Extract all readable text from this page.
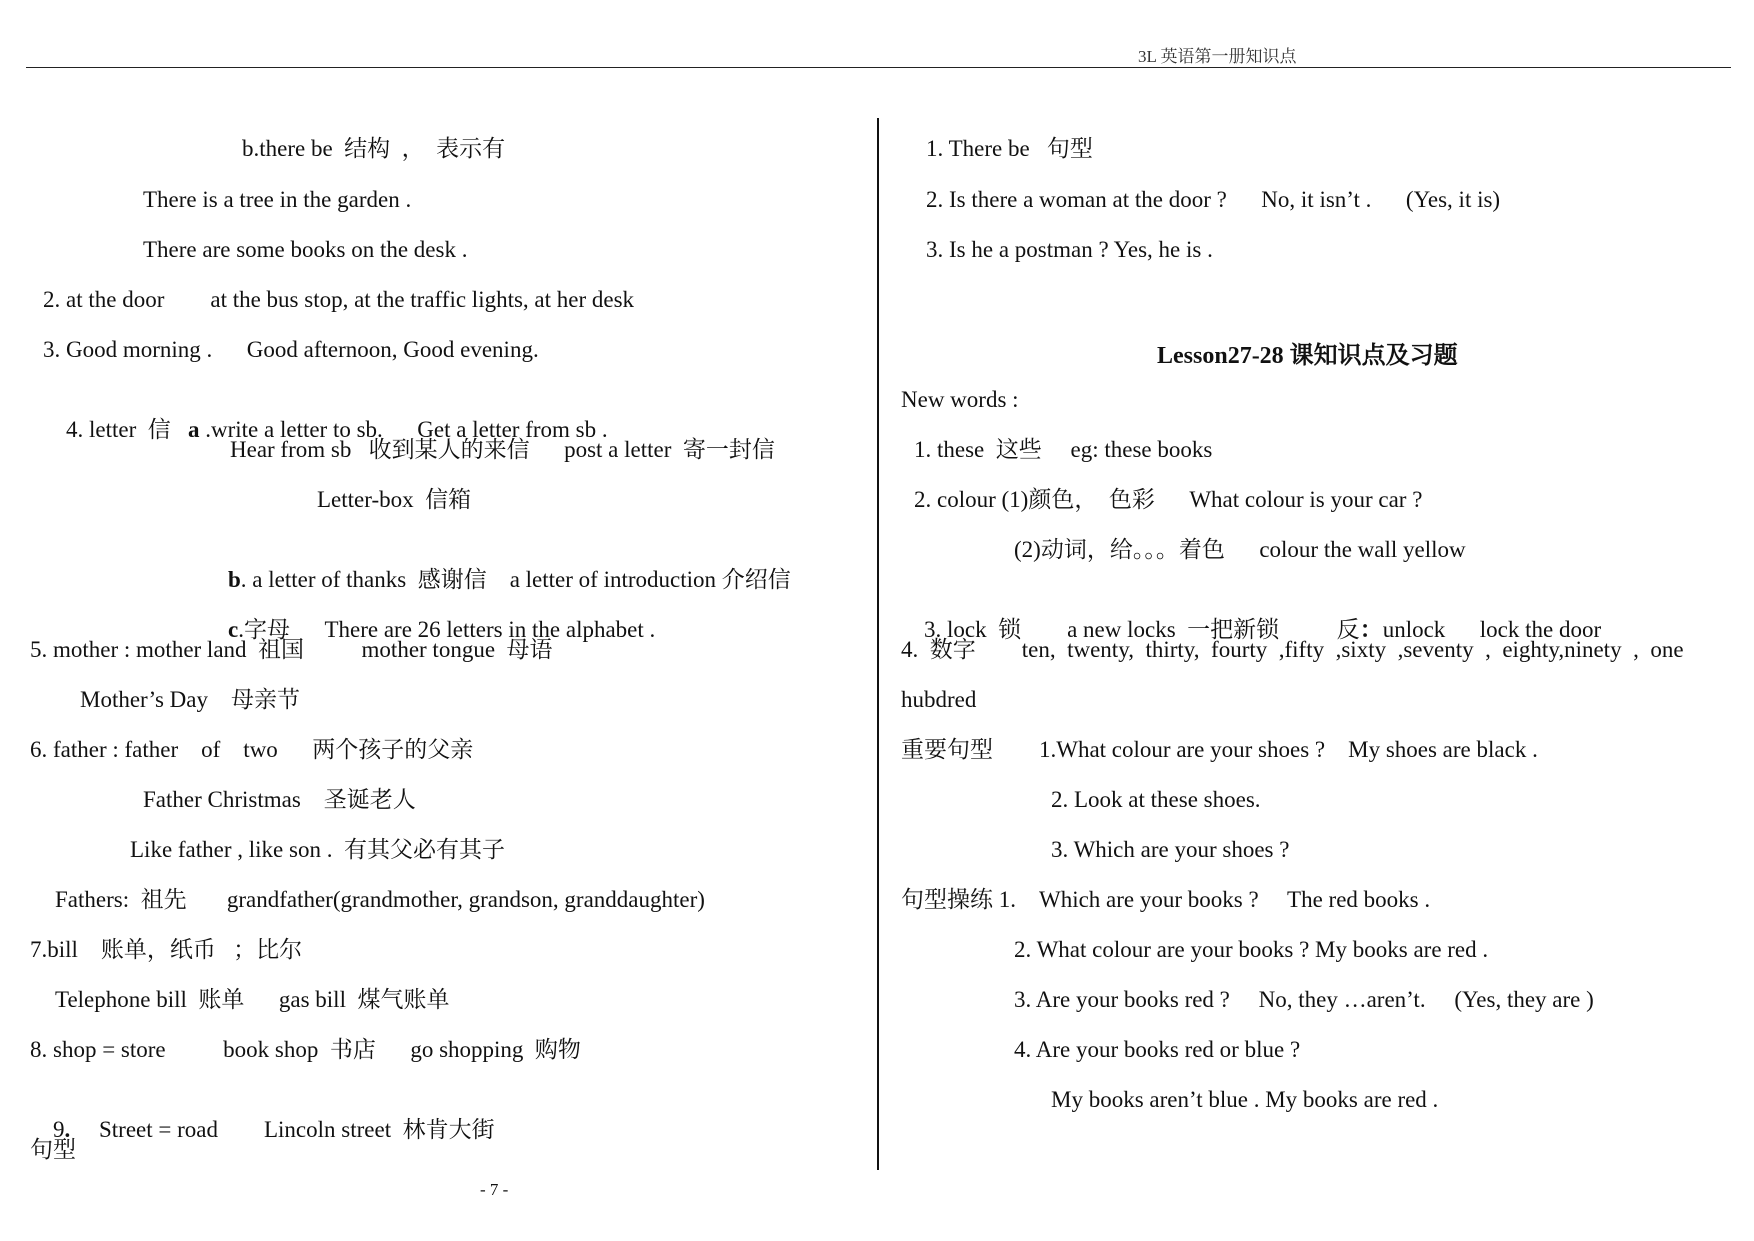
3L 英语第一册知识点
b.there be  结构  ，  表示有
There is a tree in the garden .
There are some books on the desk .
2. at the door        at the bus stop, at the traffic lights, at her desk
3. Good morning .      Good afternoon, Good evening.

4. letter  信   a .write a letter to sb.      Get a letter from sb .

Hear from sb   收到某人的来信      post a letter  寄一封信
Letter-box  信箱

b. a letter of thanks  感谢信    a letter of introduction 介绍信

c.字母      There are 26 letters in the alphabet .

5. mother : mother land  祖国          mother tongue  母语
Mother’s Day    母亲节
6. father : father    of    two      两个孩子的父亲
Father Christmas    圣诞老人
Like father , like son .  有其父必有其子
Fathers:  祖先       grandfather(grandmother, grandson, granddaughter)
7.bill    账单，纸币   ；比尔
Telephone bill  账单      gas bill  煤气账单
8. shop = store          book shop  书店      go shopping  购物

9.     Street = road        Lincoln street  林肯大街

句型
1. There be   句型
2. Is there a woman at the door ?      No, it isn’t .      (Yes, it is)
3. Is he a postman ? Yes, he is .
Lesson27-28 课知识点及习题
New words :
1. these  这些     eg: these books
2. colour (1)颜色，  色彩      What colour is your car ?
(2)动词，给。。。着色      colour the wall yellow

3. lock  锁        a new locks  一把新锁          反：unlock      lock the door

4.  数字        ten,  twenty,  thirty,  fourty  ,fifty  ,sixty  ,seventy  ,  eighty,ninety  ,  one
hubdred
重要句型        1.What colour are your shoes ?    My shoes are black .
2. Look at these shoes.
3. Which are your shoes ?
句型操练 1.    Which are your books ?     The red books .
2. What colour are your books ? My books are red .
3. Are your books red ?     No, they …aren’t.     (Yes, they are )
4. Are your books red or blue ?
My books aren’t blue . My books are red .
- 7 -
